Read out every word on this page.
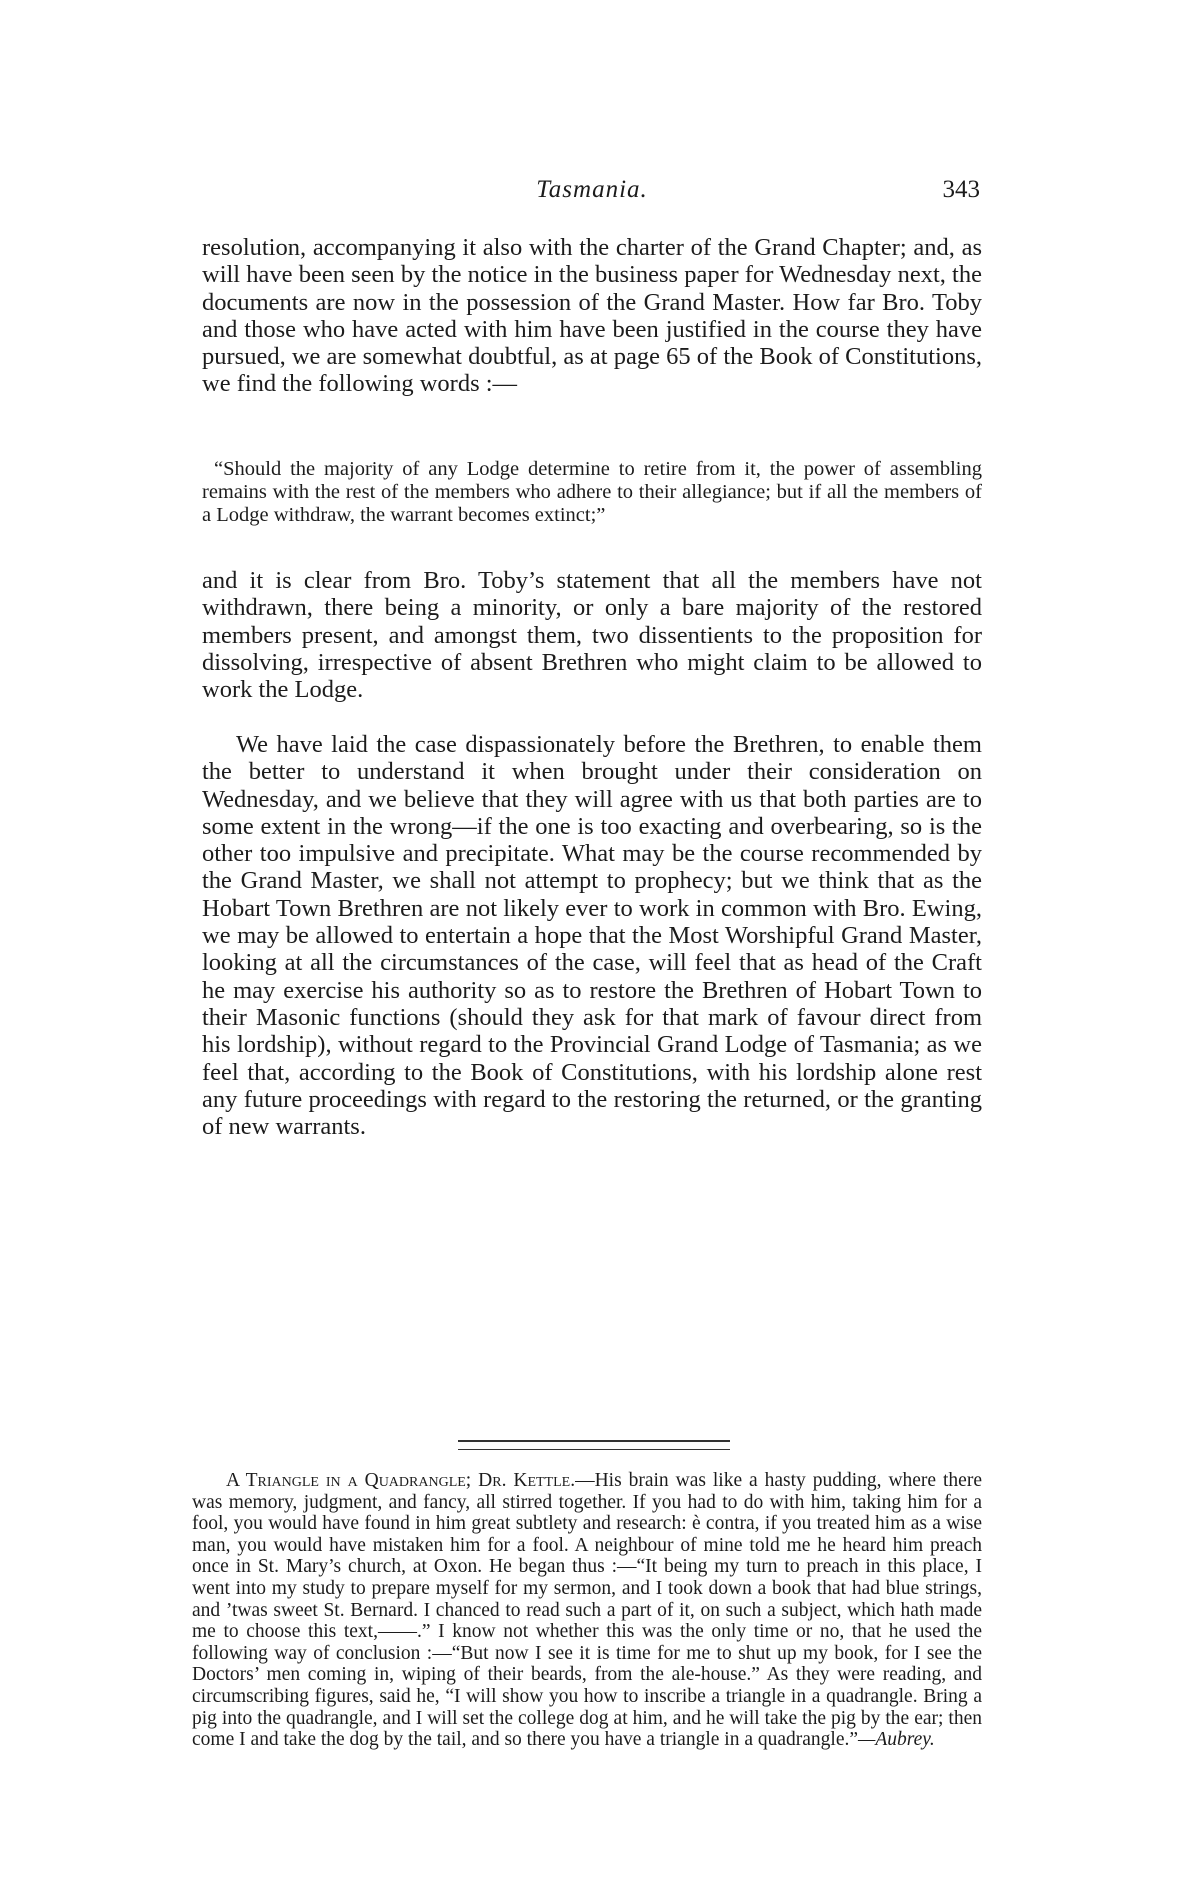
Tasmania.	343

resolution, accompanying it also with the charter of the Grand Chapter; and, as will have been seen by the notice in the business paper for Wednesday next, the documents are now in the possession of the Grand Master. How far Bro. Toby and those who have acted with him have been justified in the course they have pursued, we are somewhat doubtful, as at page 65 of the Book of Constitutions, we find the following words :—

“Should the majority of any Lodge determine to retire from it, the power of assembling remains with the rest of the members who adhere to their allegiance; but if all the members of a Lodge withdraw, the warrant becomes extinct;”

and it is clear from Bro. Toby’s statement that all the members have not withdrawn, there being a minority, or only a bare majority of the restored members present, and amongst them, two dissentients to the proposition for dissolving, irrespective of absent Brethren who might claim to be allowed to work the Lodge.

We have laid the case dispassionately before the Brethren, to enable them the better to understand it when brought under their consideration on Wednesday, and we believe that they will agree with us that both parties are to some extent in the wrong—if the one is too exacting and overbearing, so is the other too impulsive and precipitate. What may be the course recommended by the Grand Master, we shall not attempt to prophecy; but we think that as the Hobart Town Brethren are not likely ever to work in common with Bro. Ewing, we may be allowed to entertain a hope that the Most Worshipful Grand Master, looking at all the circumstances of the case, will feel that as head of the Craft he may exercise his authority so as to restore the Brethren of Hobart Town to their Masonic functions (should they ask for that mark of favour direct from his lordship), without regard to the Provincial Grand Lodge of Tasmania; as we feel that, according to the Book of Constitutions, with his lordship alone rest any future proceedings with regard to the restoring the returned, or the granting of new warrants.

A Triangle in a Quadrangle; Dr. Kettle.—His brain was like a hasty pudding, where there was memory, judgment, and fancy, all stirred together. If you had to do with him, taking him for a fool, you would have found in him great subtlety and research: è contra, if you treated him as a wise man, you would have mistaken him for a fool. A neighbour of mine told me he heard him preach once in St. Mary’s church, at Oxon. He began thus :—“It being my turn to preach in this place, I went into my study to prepare myself for my sermon, and I took down a book that had blue strings, and ’twas sweet St. Bernard. I chanced to read such a part of it, on such a subject, which hath made me to choose this text,——.” I know not whether this was the only time or no, that he used the following way of conclusion :—“But now I see it is time for me to shut up my book, for I see the Doctors’ men coming in, wiping of their beards, from the ale-house.” As they were reading, and circumscribing figures, said he, “I will show you how to inscribe a triangle in a quadrangle. Bring a pig into the quadrangle, and I will set the college dog at him, and he will take the pig by the ear; then come I and take the dog by the tail, and so there you have a triangle in a quadrangle.”—Aubrey.
